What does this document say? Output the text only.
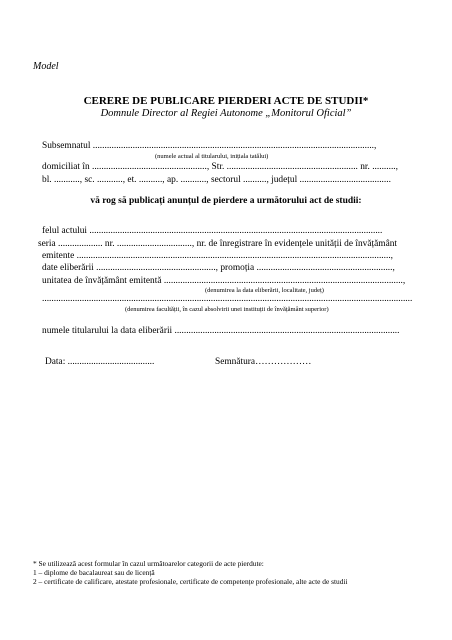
Model
CERERE DE PUBLICARE PIERDERI ACTE DE STUDII*
Domnule Director al Regiei Autonome „Monitorul Oficial”
Subsemnatul ........................................................................................................................,
(numele actual al titularului, inițiala tatălui)
domiciliat în ................................................., Str. ........................................................ nr. ..........,
bl. ..........., sc. ..........., et. .........., ap. ..........., sectorul .........., județul .......................................
vă rog să publicați anunțul de pierdere a următorului act de studii:
felul actului .............................................................................................................................
seria ................... nr. ................................, nr. de înregistrare în evidențele unității de învățământ
emitente ......................................................................................................................................,
date eliberării ..................................................., promoția ..........................................................,
unitatea de învățământ emitentă ......................................................................................................,
(denumirea la data eliberării, localitate, județ)
..............................................................................................................................................................
(denumirea facultății, în cazul absolvirii unei instituții de învățământ superior)
numele titularului la data eliberării ................................................................................................
Data: .....................................	Semnătura………………
* Se utilizează acest formular în cazul următoarelor categorii de acte pierdute:
1 – diplome de bacalaureat sau de licență
2 – certificate de calificare, atestate profesionale, certificate de competențe profesionale, alte acte de studii
